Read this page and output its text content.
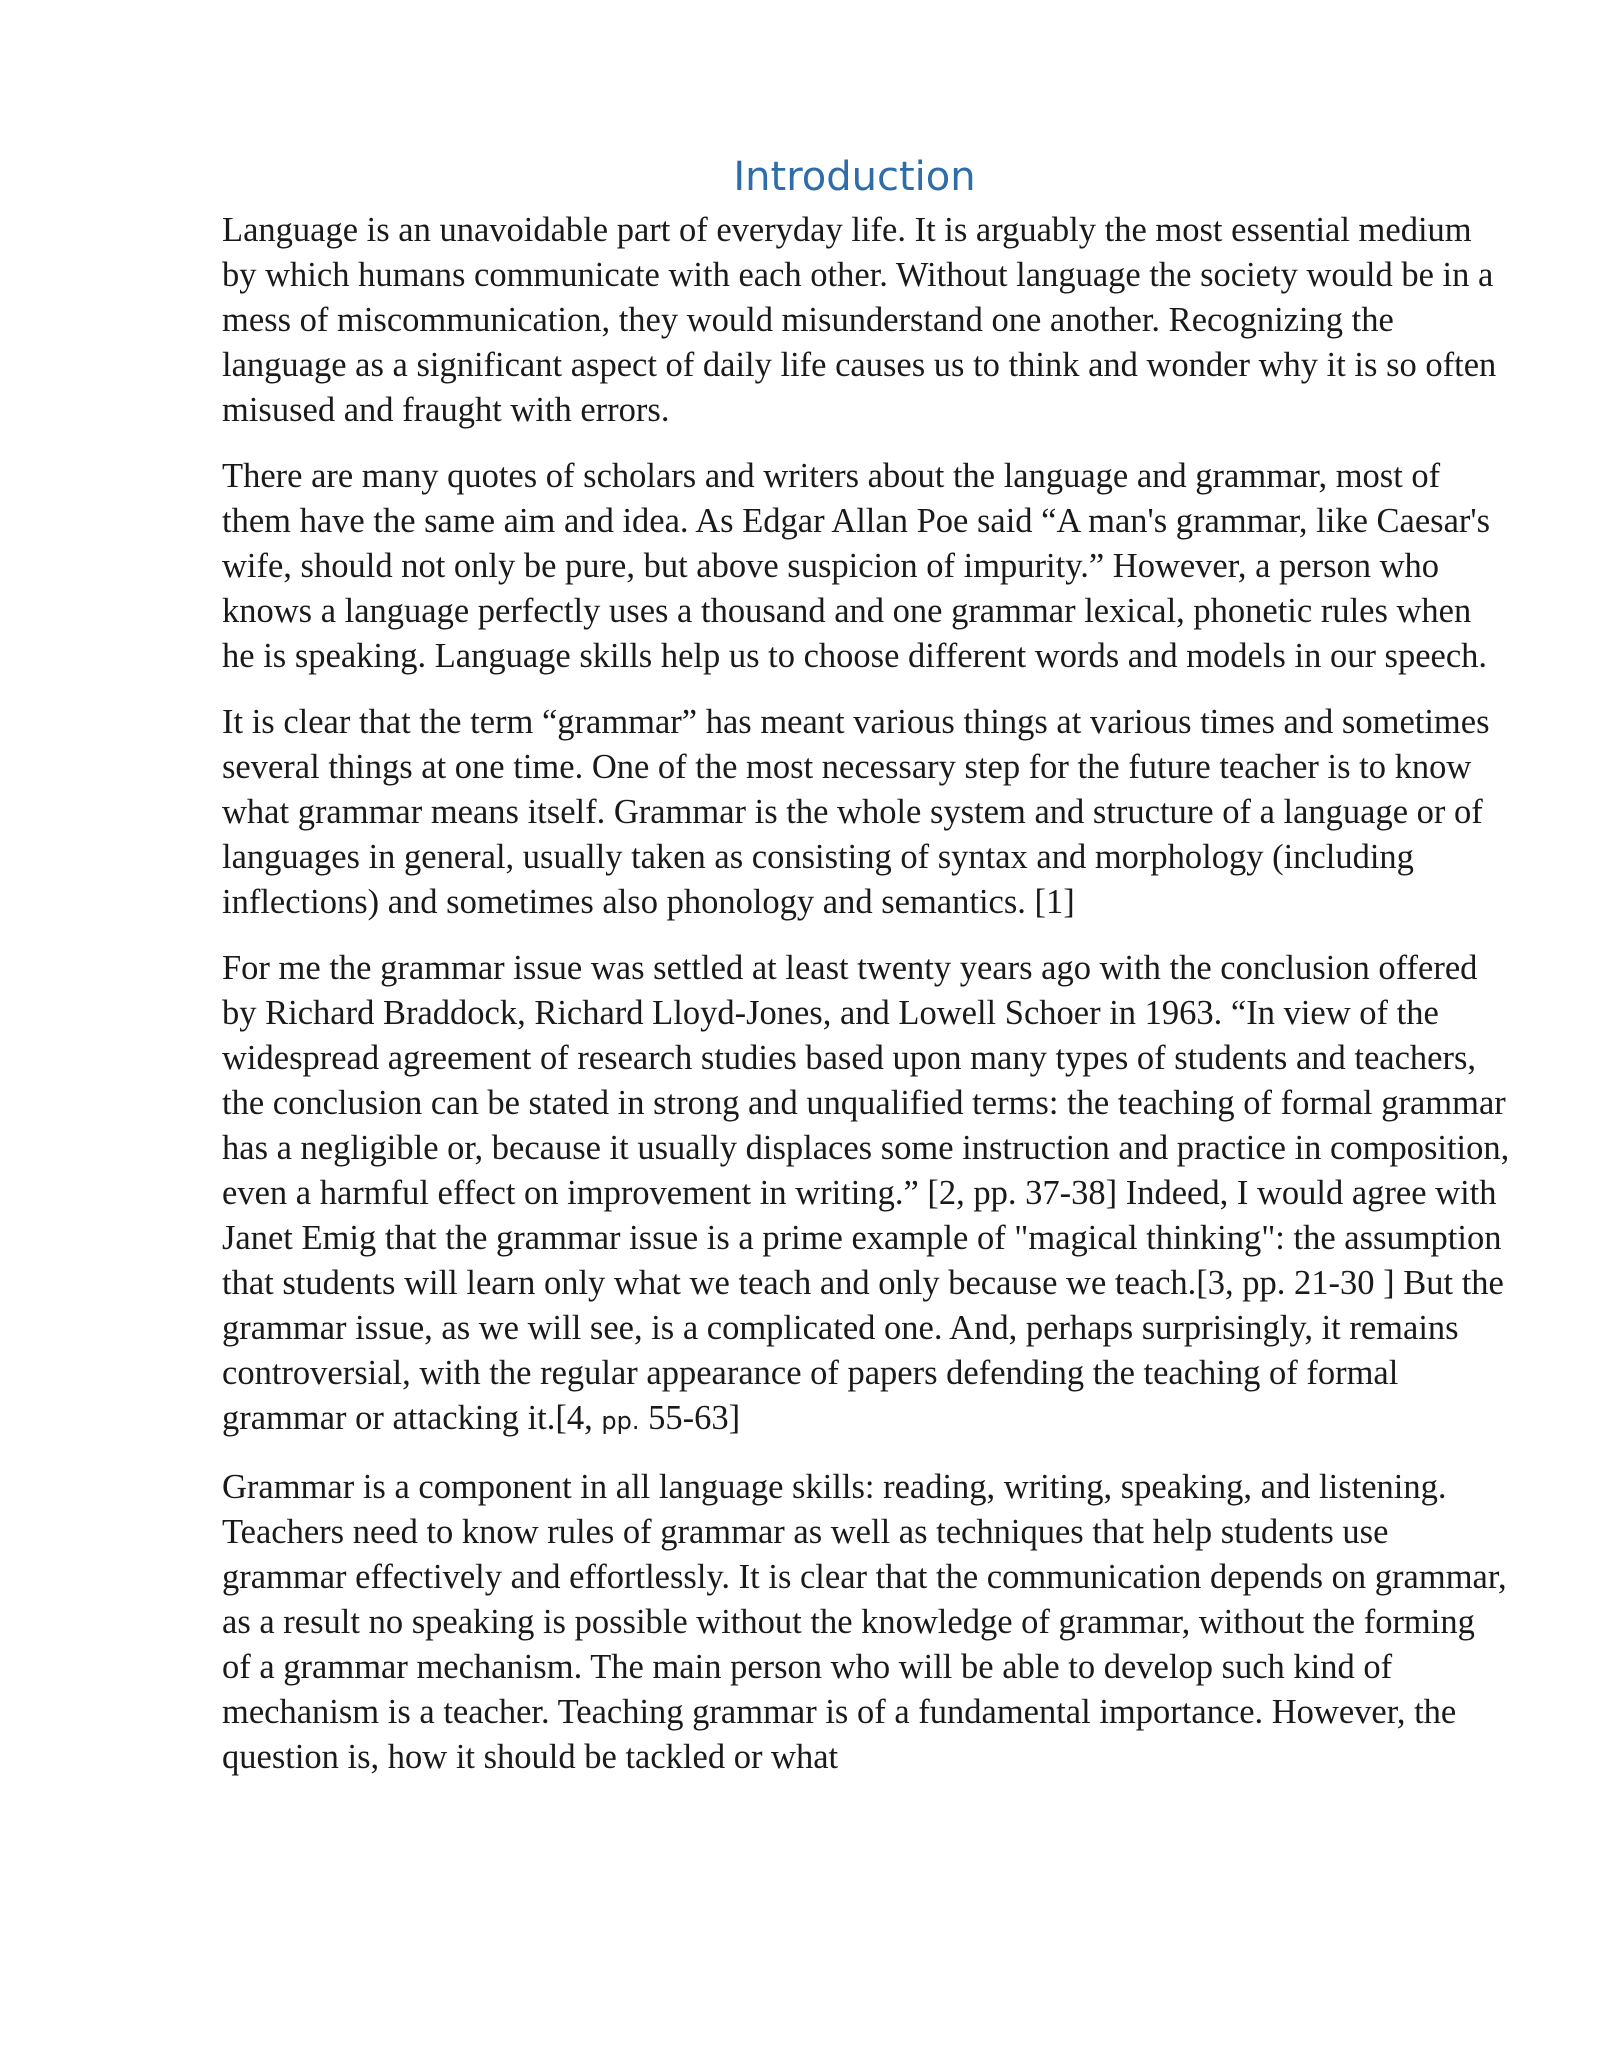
Introduction

Language is an unavoidable part of everyday life. It is arguably the most essential medium by which humans communicate with each other. Without language the society would be in a mess of miscommunication, they would misunderstand one another. Recognizing the language as a significant aspect of daily life causes us to think and wonder why it is so often misused and fraught with errors.

There are many quotes of scholars and writers about the language and grammar, most of them have the same aim and idea. As Edgar Allan Poe said “A man's grammar, like Caesar's wife, should not only be pure, but above suspicion of impurity.” However, a person who knows a language perfectly uses a thousand and one grammar lexical, phonetic rules when he is speaking. Language skills help us to choose different words and models in our speech.

It is clear that the term “grammar” has meant various things at various times and sometimes several things at one time. One of the most necessary step for the future teacher is to know what grammar means itself. Grammar is the whole system and structure of a language or of languages in general, usually taken as consisting of syntax and morphology (including inflections) and sometimes also phonology and semantics. [1]

For me the grammar issue was settled at least twenty years ago with the conclusion offered by Richard Braddock, Richard Lloyd-Jones, and Lowell Schoer in 1963. “In view of the widespread agreement of research studies based upon many types of students and teachers, the conclusion can be stated in strong and unqualified terms: the teaching of formal grammar has a negligible or, because it usually displaces some instruction and practice in composition, even a harmful effect on improvement in writing.” [2, pp. 37-38] Indeed, I would agree with Janet Emig that the grammar issue is a prime example of "magical thinking": the assumption that students will learn only what we teach and only because we teach.[3, pp. 21-30 ] But the grammar issue, as we will see, is a complicated one. And, perhaps surprisingly, it remains controversial, with the regular appearance of papers defending the teaching of formal grammar or attacking it.[4, pp. 55-63]

Grammar is a component in all language skills: reading, writing, speaking, and listening. Teachers need to know rules of grammar as well as techniques that help students use grammar effectively and effortlessly. It is clear that the communication depends on grammar, as a result no speaking is possible without the knowledge of grammar, without the forming of a grammar mechanism. The main person who will be able to develop such kind of mechanism is a teacher. Teaching grammar is of a fundamental importance. However, the question is, how it should be tackled or what
